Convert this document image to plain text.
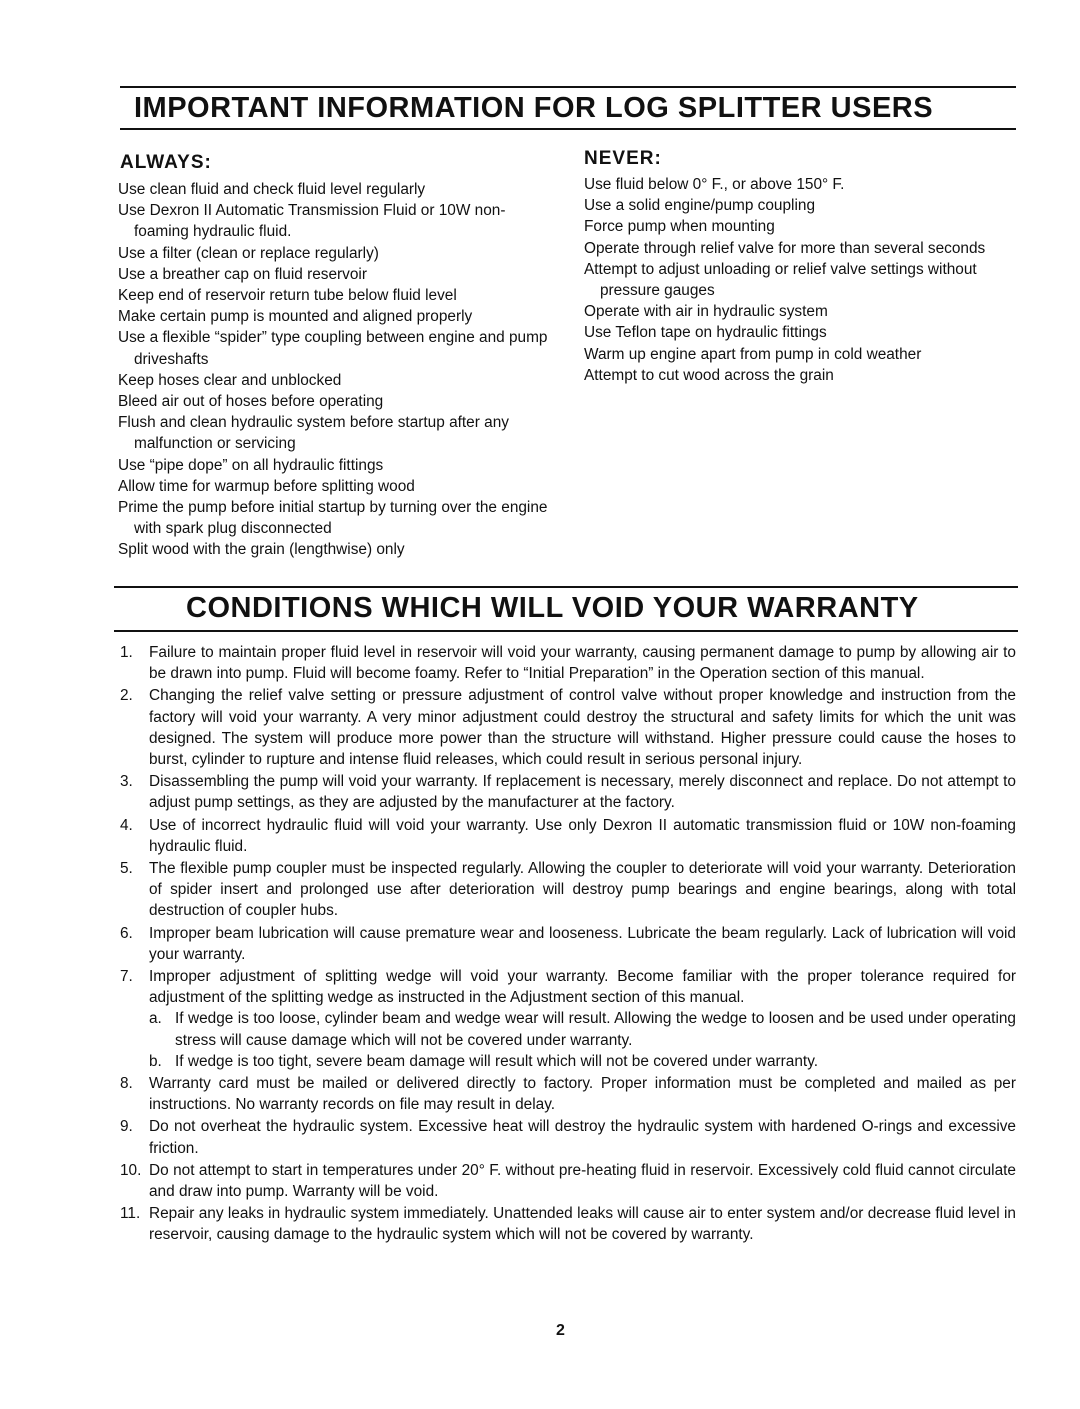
IMPORTANT INFORMATION FOR LOG SPLITTER USERS
ALWAYS:
Use clean fluid and check fluid level regularly
Use Dexron II Automatic Transmission Fluid or 10W non-foaming hydraulic fluid.
Use a filter (clean or replace regularly)
Use a breather cap on fluid reservoir
Keep end of reservoir return tube below fluid level
Make certain pump is mounted and aligned properly
Use a flexible “spider” type coupling between engine and pump driveshafts
Keep hoses clear and unblocked
Bleed air out of hoses before operating
Flush and clean hydraulic system before startup after any malfunction or servicing
Use “pipe dope” on all hydraulic fittings
Allow time for warmup before splitting wood
Prime the pump before initial startup by turning over the engine with spark plug disconnected
Split wood with the grain (lengthwise) only
NEVER:
Use fluid below 0° F., or above 150° F.
Use a solid engine/pump coupling
Force pump when mounting
Operate through relief valve for more than several seconds
Attempt to adjust unloading or relief valve settings without pressure gauges
Operate with air in hydraulic system
Use Teflon tape on hydraulic fittings
Warm up engine apart from pump in cold weather
Attempt to cut wood across the grain
CONDITIONS WHICH WILL VOID YOUR WARRANTY
1.	Failure to maintain proper fluid level in reservoir will void your warranty, causing permanent damage to pump by allowing air to be drawn into pump. Fluid will become foamy. Refer to “Initial Preparation” in the Operation section of this manual.
2.	Changing the relief valve setting or pressure adjustment of control valve without proper knowledge and instruction from the factory will void your warranty. A very minor adjustment could destroy the structural and safety limits for which the unit was designed. The system will produce more power than the structure will withstand. Higher pressure could cause the hoses to burst, cylinder to rupture and intense fluid releases, which could result in serious personal injury.
3.	Disassembling the pump will void your warranty. If replacement is necessary, merely disconnect and replace. Do not attempt to adjust pump settings, as they are adjusted by the manufacturer at the factory.
4.	Use of incorrect hydraulic fluid will void your warranty. Use only Dexron II automatic transmission fluid or 10W non-foaming hydraulic fluid.
5.	The flexible pump coupler must be inspected regularly. Allowing the coupler to deteriorate will void your warranty. Deterioration of spider insert and prolonged use after deterioration will destroy pump bearings and engine bearings, along with total destruction of coupler hubs.
6.	Improper beam lubrication will cause premature wear and looseness. Lubricate the beam regularly. Lack of lubrication will void your warranty.
7.	Improper adjustment of splitting wedge will void your warranty. Become familiar with the proper tolerance required for adjustment of the splitting wedge as instructed in the Adjustment section of this manual.
a. If wedge is too loose, cylinder beam and wedge wear will result. Allowing the wedge to loosen and be used under operating stress will cause damage which will not be covered under warranty.
b. If wedge is too tight, severe beam damage will result which will not be covered under warranty.
8.	Warranty card must be mailed or delivered directly to factory. Proper information must be completed and mailed as per instructions. No warranty records on file may result in delay.
9.	Do not overheat the hydraulic system. Excessive heat will destroy the hydraulic system with hardened O-rings and excessive friction.
10. Do not attempt to start in temperatures under 20° F. without pre-heating fluid in reservoir. Excessively cold fluid cannot circulate and draw into pump. Warranty will be void.
11. Repair any leaks in hydraulic system immediately. Unattended leaks will cause air to enter system and/or decrease fluid level in reservoir, causing damage to the hydraulic system which will not be covered by warranty.
2
